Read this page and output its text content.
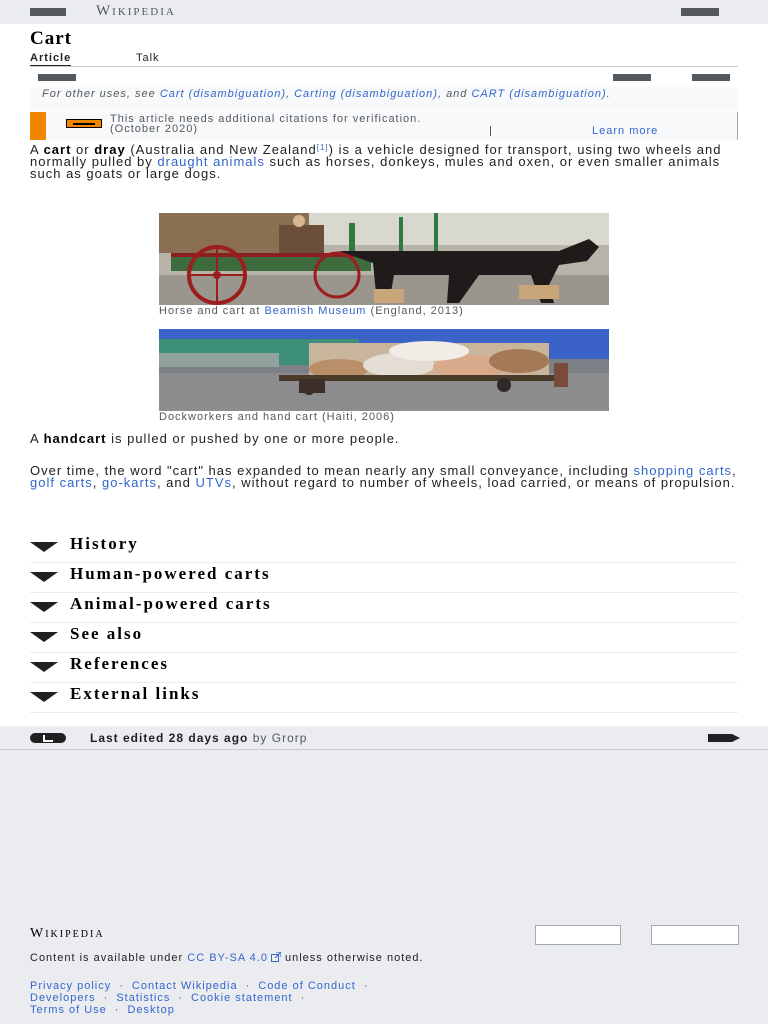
Wikipedia
Cart
Article	Talk
For other uses, see Cart (disambiguation), Carting (disambiguation), and CART (disambiguation).
This article needs additional citations for verification.
(October 2020)	Learn more

A cart or dray (Australia and New Zealand[1]) is a vehicle designed for transport, using two wheels and normally pulled by draught animals such as horses, donkeys, mules and oxen, or even smaller animals such as goats or large dogs.

Horse and cart at Beamish Museum (England, 2013)
Dockworkers and hand cart (Haiti, 2006)

A handcart is pulled or pushed by one or more people.

Over time, the word "cart" has expanded to mean nearly any small conveyance, including shopping carts, golf carts, go-karts, and UTVs, without regard to number of wheels, load carried, or means of propulsion.

History
Human-powered carts
Animal-powered carts
See also
References
External links
Last edited 28 days ago by Grorp
Wikipedia
Content is available under CC BY-SA 4.0 unless otherwise noted.
Privacy policy · Contact Wikipedia · Code of Conduct ·
Developers · Statistics · Cookie statement ·
Terms of Use · Desktop
